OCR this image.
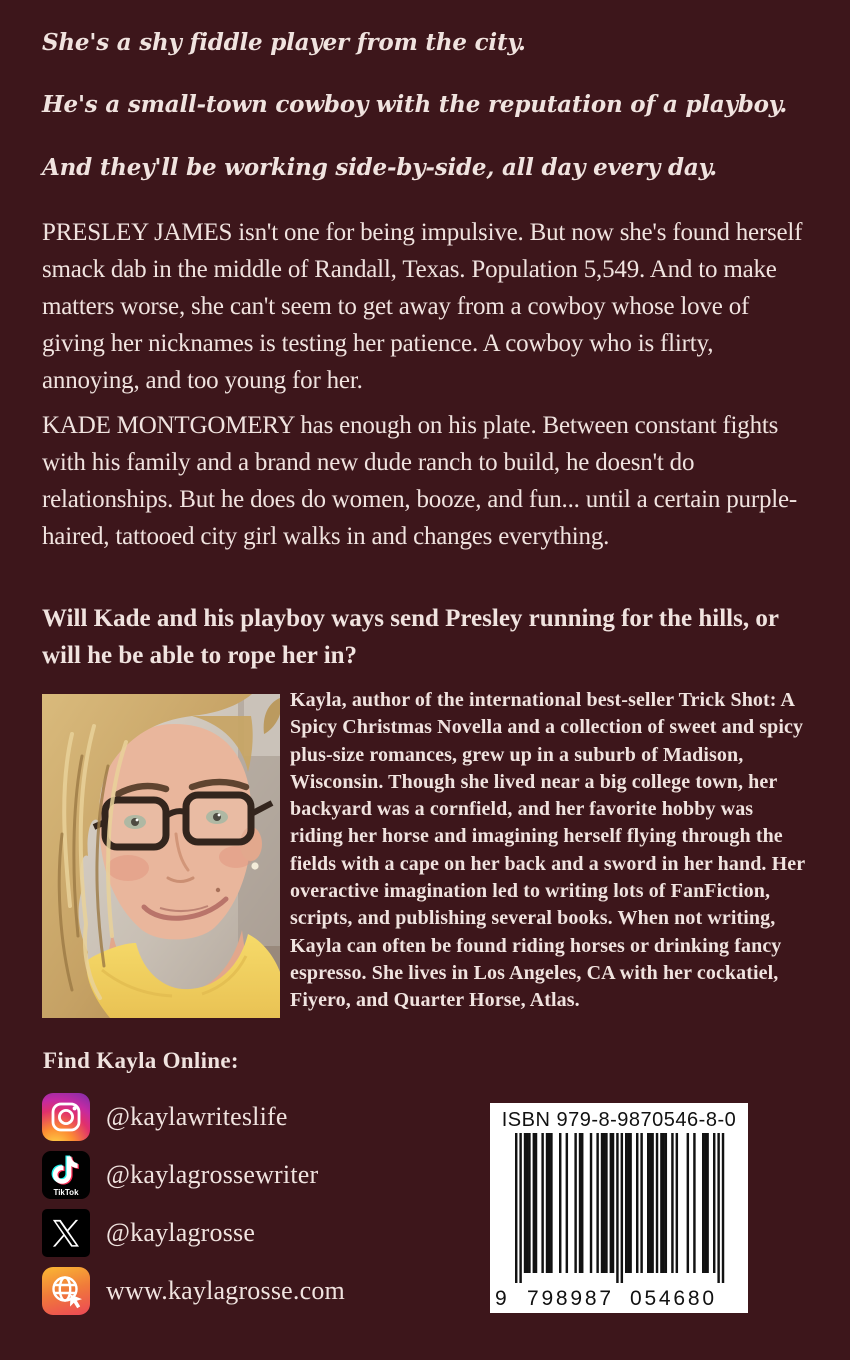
She's a shy fiddle player from the city.
He's a small-town cowboy with the reputation of a playboy.
And they'll be working side-by-side, all day every day.

PRESLEY JAMES isn't one for being impulsive. But now she's found herself smack dab in the middle of Randall, Texas. Population 5,549. And to make matters worse, she can't seem to get away from a cowboy whose love of giving her nicknames is testing her patience. A cowboy who is flirty, annoying, and too young for her.

KADE MONTGOMERY has enough on his plate. Between constant fights with his family and a brand new dude ranch to build, he doesn't do relationships. But he does do women, booze, and fun... until a certain purple-haired, tattooed city girl walks in and changes everything.

Will Kade and his playboy ways send Presley running for the hills, or will he be able to rope her in?

Kayla, author of the international best-seller Trick Shot: A Spicy Christmas Novella and a collection of sweet and spicy plus-size romances, grew up in a suburb of Madison, Wisconsin. Though she lived near a big college town, her backyard was a cornfield, and her favorite hobby was riding her horse and imagining herself flying through the fields with a cape on her back and a sword in her hand. Her overactive imagination led to writing lots of FanFiction, scripts, and publishing several books. When not writing, Kayla can often be found riding horses or drinking fancy espresso. She lives in Los Angeles, CA with her cockatiel, Fiyero, and Quarter Horse, Atlas.

Find Kayla Online:
@kaylawriteslife
TikTok
@kaylagrossewriter
@kaylagrosse
www.kaylagrosse.com
ISBN 979-8-9870546-8-0
9 798987 054680
